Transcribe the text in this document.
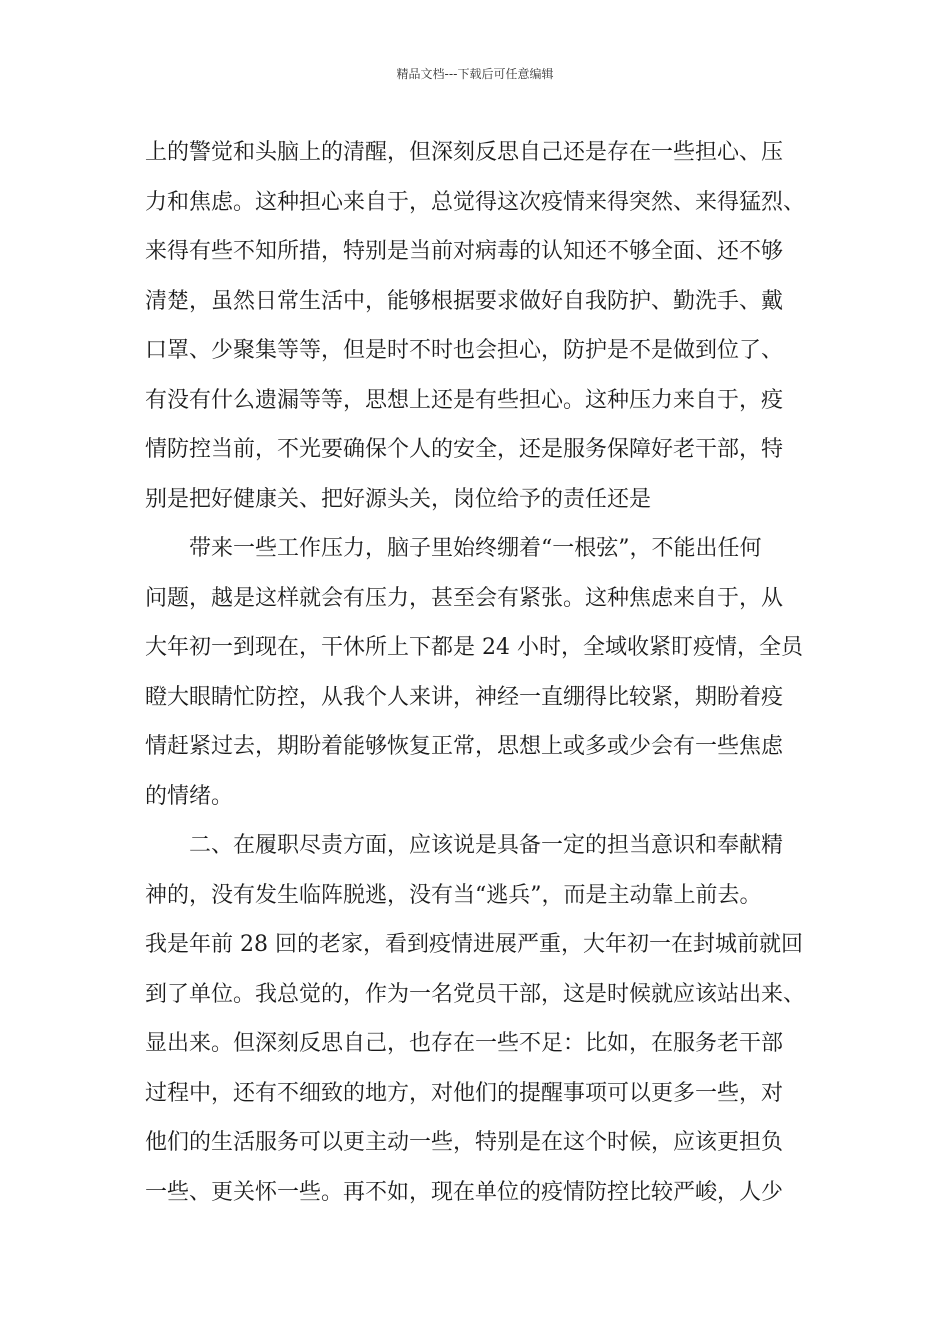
精品文档---下载后可任意编辑
上的警觉和头脑上的清醒，但深刻反思自己还是存在一些担心、压
力和焦虑。这种担心来自于，总觉得这次疫情来得突然、来得猛烈、
来得有些不知所措，特别是当前对病毒的认知还不够全面、还不够
清楚，虽然日常生活中，能够根据要求做好自我防护、勤洗手、戴
口罩、少聚集等等，但是时不时也会担心，防护是不是做到位了、
有没有什么遗漏等等，思想上还是有些担心。这种压力来自于，疫
情防控当前，不光要确保个人的安全，还是服务保障好老干部，特
别是把好健康关、把好源头关，岗位给予的责任还是
　　带来一些工作压力，脑子里始终绷着“一根弦”，不能出任何
问题，越是这样就会有压力，甚至会有紧张。这种焦虑来自于，从
大年初一到现在，干休所上下都是 24 小时，全域收紧盯疫情，全员
瞪大眼睛忙防控，从我个人来讲，神经一直绷得比较紧，期盼着疫
情赶紧过去，期盼着能够恢复正常，思想上或多或少会有一些焦虑
的情绪。
　　二、在履职尽责方面，应该说是具备一定的担当意识和奉献精
神的，没有发生临阵脱逃，没有当“逃兵”，而是主动靠上前去。
我是年前 28 回的老家，看到疫情进展严重，大年初一在封城前就回
到了单位。我总觉的，作为一名党员干部，这是时候就应该站出来、
显出来。但深刻反思自己，也存在一些不足：比如，在服务老干部
过程中，还有不细致的地方，对他们的提醒事项可以更多一些，对
他们的生活服务可以更主动一些，特别是在这个时候，应该更担负
一些、更关怀一些。再不如，现在单位的疫情防控比较严峻，人少
